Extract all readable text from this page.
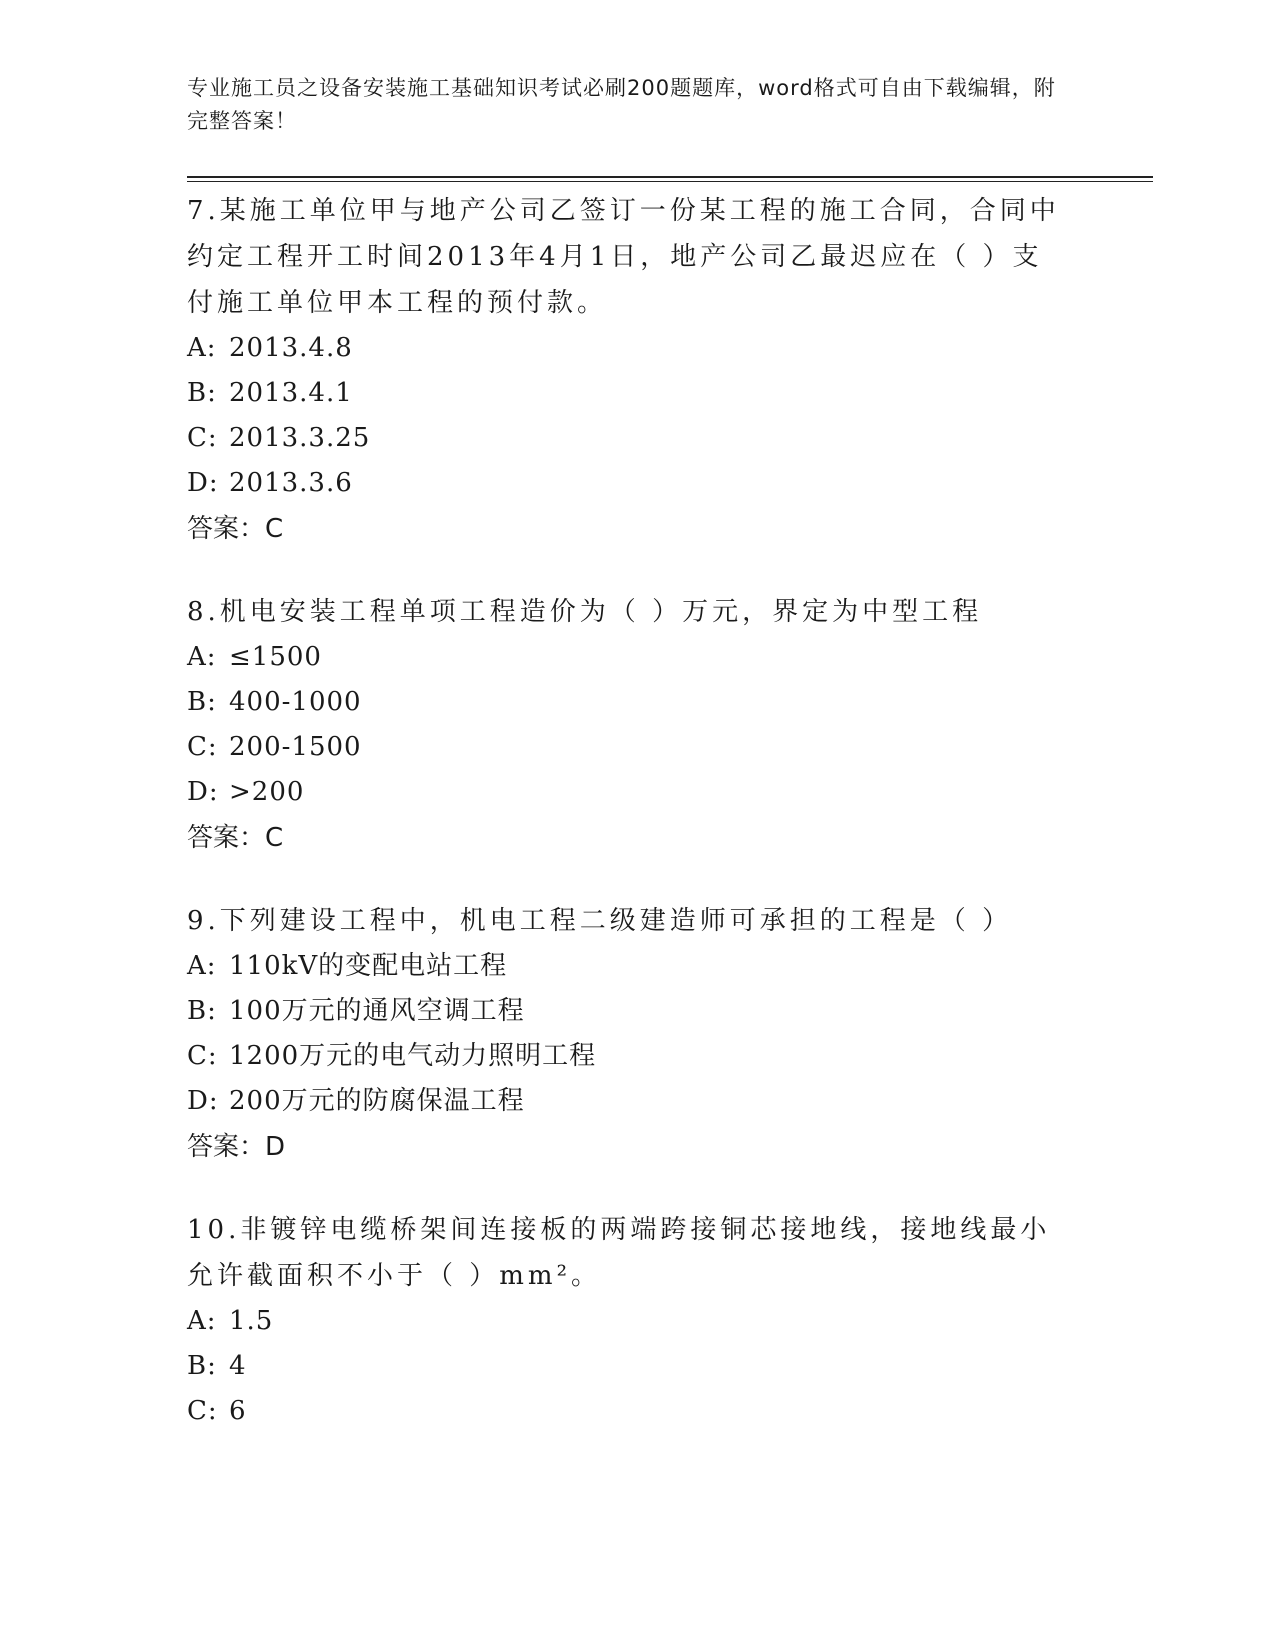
专业施工员之设备安装施工基础知识考试必刷200题题库，word格式可自由下载编辑，附完整答案！
7.某施工单位甲与地产公司乙签订一份某工程的施工合同，合同中约定工程开工时间2013年4月1日，地产公司乙最迟应在（ ）支付施工单位甲本工程的预付款。
A: 2013.4.8
B: 2013.4.1
C: 2013.3.25
D: 2013.3.6
答案：C
8.机电安装工程单项工程造价为（ ）万元，界定为中型工程
A: ≤1500
B: 400-1000
C: 200-1500
D: >200
答案：C
9.下列建设工程中，机电工程二级建造师可承担的工程是（ ）
A: 110kV的变配电站工程
B: 100万元的通风空调工程
C: 1200万元的电气动力照明工程
D: 200万元的防腐保温工程
答案：D
10.非镀锌电缆桥架间连接板的两端跨接铜芯接地线，接地线最小允许截面积不小于（ ）mm²。
A: 1.5
B: 4
C: 6
